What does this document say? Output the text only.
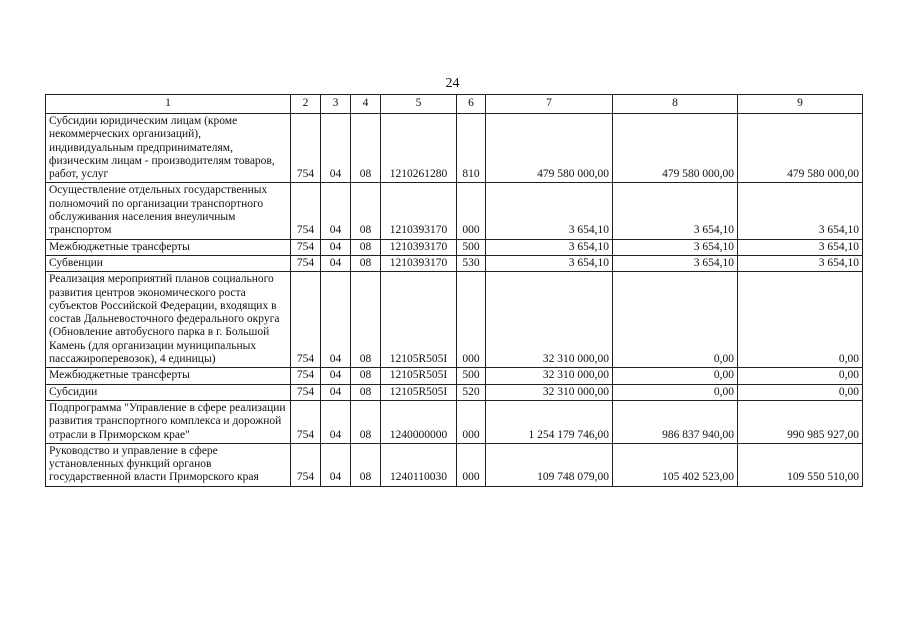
24
1	2	3	4	5	6	7	8	9
Субсидии юридическим лицам (кроме некоммерческих организаций), индивидуальным предпринимателям, физическим лицам - производителям товаров, работ, услуг	754	04	08	1210261280	810	479 580 000,00	479 580 000,00	479 580 000,00
Осуществление отдельных государственных полномочий по организации транспортного обслуживания населения внеуличным транспортом	754	04	08	1210393170	000	3 654,10	3 654,10	3 654,10
Межбюджетные трансферты	754	04	08	1210393170	500	3 654,10	3 654,10	3 654,10
Субвенции	754	04	08	1210393170	530	3 654,10	3 654,10	3 654,10
Реализация мероприятий планов социального развития центров экономического роста субъектов Российской Федерации, входящих в состав Дальневосточного федерального округа (Обновление автобусного парка в г. Большой Камень (для организации муниципальных пассажироперевозок), 4 единицы)	754	04	08	12105R505I	000	32 310 000,00	0,00	0,00
Межбюджетные трансферты	754	04	08	12105R505I	500	32 310 000,00	0,00	0,00
Субсидии	754	04	08	12105R505I	520	32 310 000,00	0,00	0,00
Подпрограмма "Управление в сфере реализации развития транспортного комплекса и дорожной отрасли в Приморском крае"	754	04	08	1240000000	000	1 254 179 746,00	986 837 940,00	990 985 927,00
Руководство и управление в сфере установленных функций органов государственной власти Приморского края	754	04	08	1240110030	000	109 748 079,00	105 402 523,00	109 550 510,00
